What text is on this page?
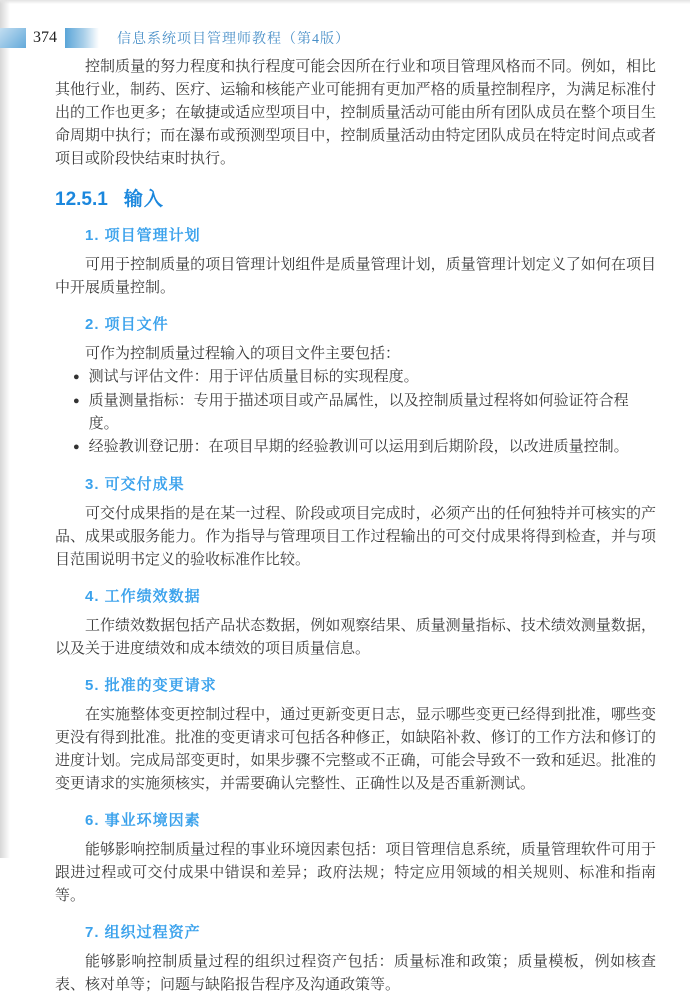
374	信息系统项目管理师教程（第4版）

控制质量的努力程度和执行程度可能会因所在行业和项目管理风格而不同。例如，相比其他行业，制药、医疗、运输和核能产业可能拥有更加严格的质量控制程序，为满足标准付出的工作也更多；在敏捷或适应型项目中，控制质量活动可能由所有团队成员在整个项目生命周期中执行；而在瀑布或预测型项目中，控制质量活动由特定团队成员在特定时间点或者项目或阶段快结束时执行。

12.5.1 输入
1. 项目管理计划

可用于控制质量的项目管理计划组件是质量管理计划，质量管理计划定义了如何在项目中开展质量控制。

2. 项目文件

可作为控制质量过程输入的项目文件主要包括：

● 测试与评估文件：用于评估质量目标的实现程度。
● 质量测量指标：专用于描述项目或产品属性，以及控制质量过程将如何验证符合程度。
● 经验教训登记册：在项目早期的经验教训可以运用到后期阶段，以改进质量控制。
3. 可交付成果

可交付成果指的是在某一过程、阶段或项目完成时，必须产出的任何独特并可核实的产品、成果或服务能力。作为指导与管理项目工作过程输出的可交付成果将得到检查，并与项目范围说明书定义的验收标准作比较。

4. 工作绩效数据

工作绩效数据包括产品状态数据，例如观察结果、质量测量指标、技术绩效测量数据，以及关于进度绩效和成本绩效的项目质量信息。

5. 批准的变更请求

在实施整体变更控制过程中，通过更新变更日志，显示哪些变更已经得到批准，哪些变更没有得到批准。批准的变更请求可包括各种修正，如缺陷补救、修订的工作方法和修订的进度计划。完成局部变更时，如果步骤不完整或不正确，可能会导致不一致和延迟。批准的变更请求的实施须核实，并需要确认完整性、正确性以及是否重新测试。

6. 事业环境因素

能够影响控制质量过程的事业环境因素包括：项目管理信息系统，质量管理软件可用于跟进过程或可交付成果中错误和差异；政府法规；特定应用领域的相关规则、标准和指南等。

7. 组织过程资产

能够影响控制质量过程的组织过程资产包括：质量标准和政策；质量模板，例如核查表、核对单等；问题与缺陷报告程序及沟通政策等。
